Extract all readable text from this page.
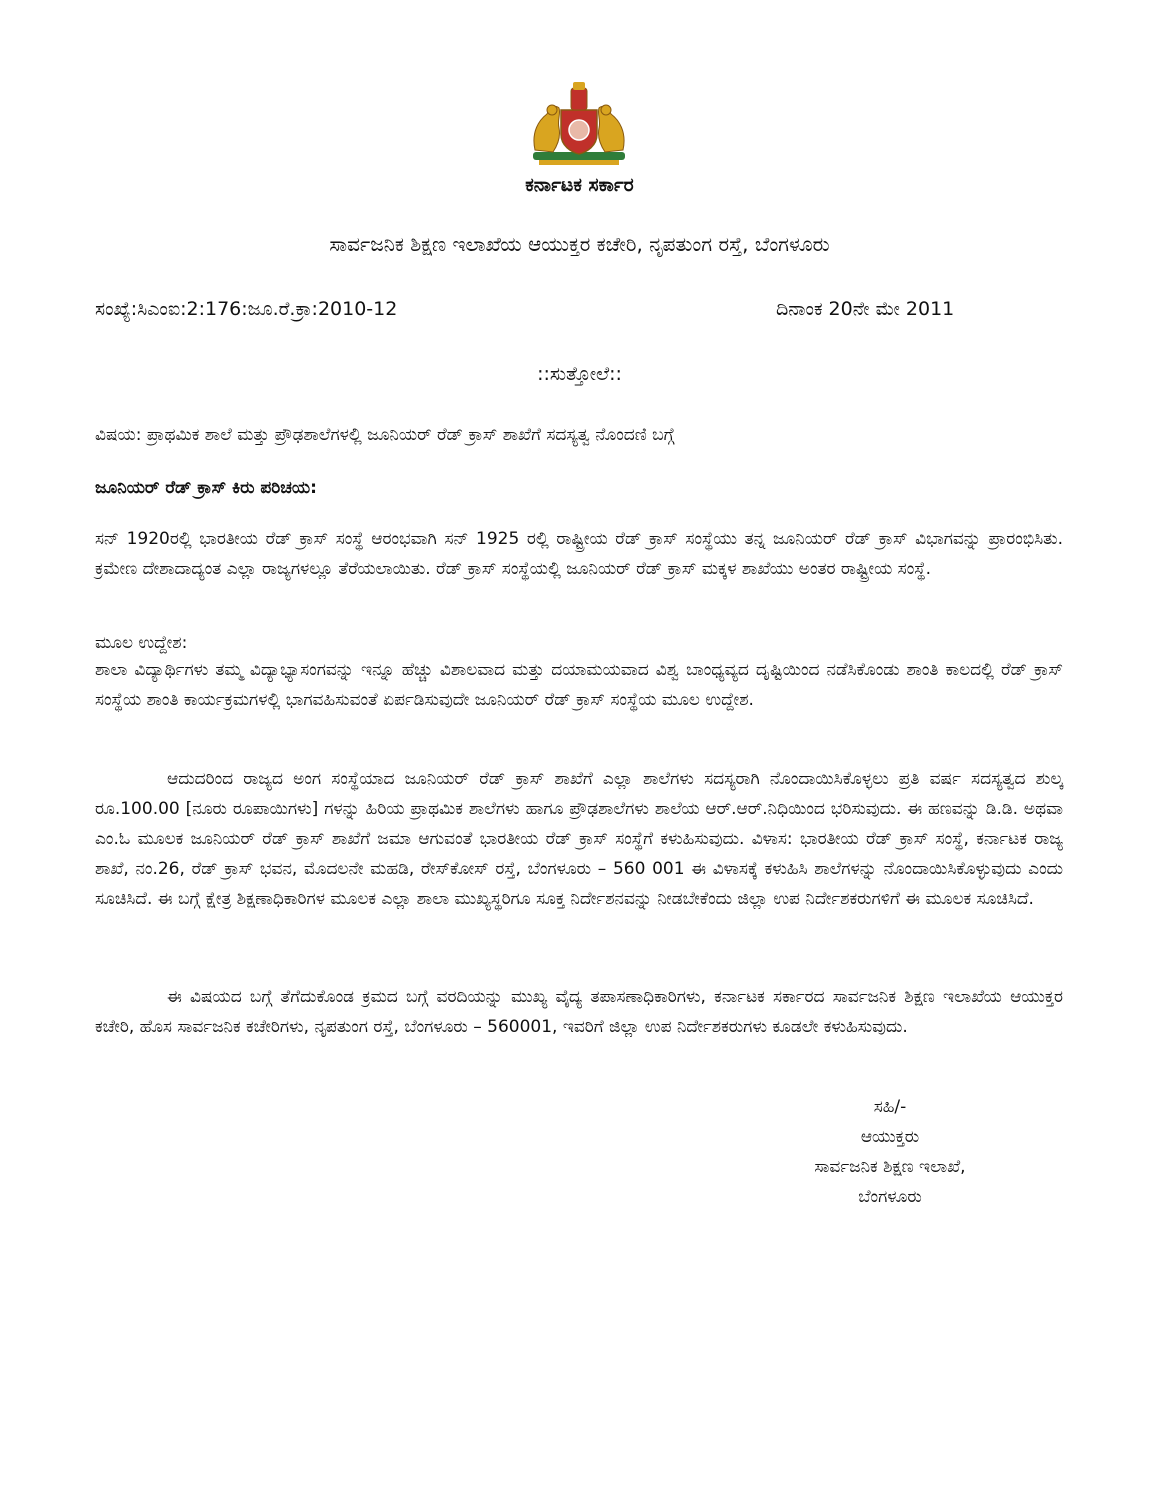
ಕರ್ನಾಟಕ ಸರ್ಕಾರ
ಸಾರ್ವಜನಿಕ ಶಿಕ್ಷಣ ಇಲಾಖೆಯ ಆಯುಕ್ತರ ಕಚೇರಿ, ನೃಪತುಂಗ ರಸ್ತೆ, ಬೆಂಗಳೂರು
ಸಂಖ್ಯೆ:ಸಿಎಂಐ:2:176:ಜೂ.ರೆ.ಕ್ರಾ:2010-12	ದಿನಾಂಕ 20ನೇ ಮೇ 2011
::ಸುತ್ತೋಲೆ::
ವಿಷಯ: ಪ್ರಾಥಮಿಕ ಶಾಲೆ ಮತ್ತು ಪ್ರೌಢಶಾಲೆಗಳಲ್ಲಿ ಜೂನಿಯರ್ ರೆಡ್ ಕ್ರಾಸ್ ಶಾಖೆಗೆ ಸದಸ್ಯತ್ವ ನೊಂದಣಿ ಬಗ್ಗೆ
ಜೂನಿಯರ್ ರೆಡ್ ಕ್ರಾಸ್ ಕಿರು ಪರಿಚಯ:
ಸನ್ 1920ರಲ್ಲಿ ಭಾರತೀಯ ರೆಡ್ ಕ್ರಾಸ್ ಸಂಸ್ಥೆ ಆರಂಭವಾಗಿ ಸನ್ 1925 ರಲ್ಲಿ ರಾಷ್ಟ್ರೀಯ ರೆಡ್ ಕ್ರಾಸ್ ಸಂಸ್ಥೆಯು ತನ್ನ ಜೂನಿಯರ್ ರೆಡ್ ಕ್ರಾಸ್ ವಿಭಾಗವನ್ನು ಪ್ರಾರಂಭಿಸಿತು. ಕ್ರಮೇಣ ದೇಶಾದಾದ್ಯಂತ ಎಲ್ಲಾ ರಾಜ್ಯಗಳಲ್ಲೂ ತೆರೆಯಲಾಯಿತು. ರೆಡ್ ಕ್ರಾಸ್ ಸಂಸ್ಥೆಯಲ್ಲಿ ಜೂನಿಯರ್ ರೆಡ್ ಕ್ರಾಸ್ ಮಕ್ಕಳ ಶಾಖೆಯು ಅಂತರ ರಾಷ್ಟ್ರೀಯ ಸಂಸ್ಥೆ.
ಮೂಲ ಉದ್ದೇಶ:
ಶಾಲಾ ವಿದ್ಯಾರ್ಥಿಗಳು ತಮ್ಮ ವಿದ್ಯಾಭ್ಯಾಸಂಗವನ್ನು ಇನ್ನೂ ಹೆಚ್ಚು ವಿಶಾಲವಾದ ಮತ್ತು ದಯಾಮಯವಾದ ವಿಶ್ವ ಬಾಂಧ್ಯವ್ಯದ ದೃಷ್ಟಿಯಿಂದ ನಡೆಸಿಕೊಂಡು ಶಾಂತಿ ಕಾಲದಲ್ಲಿ ರೆಡ್ ಕ್ರಾಸ್ ಸಂಸ್ಥೆಯ ಶಾಂತಿ ಕಾರ್ಯಕ್ರಮಗಳಲ್ಲಿ ಭಾಗವಹಿಸುವಂತೆ ಏರ್ಪಡಿಸುವುದೇ ಜೂನಿಯರ್ ರೆಡ್ ಕ್ರಾಸ್ ಸಂಸ್ಥೆಯ ಮೂಲ ಉದ್ದೇಶ.
ಆದುದರಿಂದ ರಾಜ್ಯದ ಅಂಗ ಸಂಸ್ಥೆಯಾದ ಜೂನಿಯರ್ ರೆಡ್ ಕ್ರಾಸ್ ಶಾಖೆಗೆ ಎಲ್ಲಾ ಶಾಲೆಗಳು ಸದಸ್ಯರಾಗಿ ನೊಂದಾಯಿಸಿಕೊಳ್ಳಲು ಪ್ರತಿ ವರ್ಷ ಸದಸ್ಯತ್ವದ ಶುಲ್ಕ ರೂ.100.00 [ನೂರು ರೂಪಾಯಿಗಳು] ಗಳನ್ನು ಹಿರಿಯ ಪ್ರಾಥಮಿಕ ಶಾಲೆಗಳು ಹಾಗೂ ಪ್ರೌಢಶಾಲೆಗಳು ಶಾಲೆಯ ಆರ್.ಆರ್.ನಿಧಿಯಿಂದ ಭರಿಸುವುದು. ಈ ಹಣವನ್ನು ಡಿ.ಡಿ. ಅಥವಾ ಎಂ.ಓ ಮೂಲಕ ಜೂನಿಯರ್ ರೆಡ್ ಕ್ರಾಸ್ ಶಾಖೆಗೆ ಜಮಾ ಆಗುವಂತೆ ಭಾರತೀಯ ರೆಡ್ ಕ್ರಾಸ್ ಸಂಸ್ಥೆಗೆ ಕಳುಹಿಸುವುದು. ವಿಳಾಸ: ಭಾರತೀಯ ರೆಡ್ ಕ್ರಾಸ್ ಸಂಸ್ಥೆ, ಕರ್ನಾಟಕ ರಾಜ್ಯ ಶಾಖೆ, ನಂ.26, ರೆಡ್ ಕ್ರಾಸ್ ಭವನ, ಮೊದಲನೇ ಮಹಡಿ, ರೇಸ್‌ಕೋಸ್ ರಸ್ತೆ, ಬೆಂಗಳೂರು – 560 001 ಈ ವಿಳಾಸಕ್ಕೆ ಕಳುಹಿಸಿ ಶಾಲೆಗಳನ್ನು ನೊಂದಾಯಿಸಿಕೊಳ್ಳುವುದು ಎಂದು ಸೂಚಿಸಿದೆ. ಈ ಬಗ್ಗೆ ಕ್ಷೇತ್ರ ಶಿಕ್ಷಣಾಧಿಕಾರಿಗಳ ಮೂಲಕ ಎಲ್ಲಾ ಶಾಲಾ ಮುಖ್ಯಸ್ಥರಿಗೂ ಸೂಕ್ತ ನಿರ್ದೇಶನವನ್ನು ನೀಡಬೇಕೆಂದು ಜಿಲ್ಲಾ ಉಪ ನಿರ್ದೇಶಕರುಗಳಿಗೆ ಈ ಮೂಲಕ ಸೂಚಿಸಿದೆ.
ಈ ವಿಷಯದ ಬಗ್ಗೆ ತೆಗೆದುಕೊಂಡ ಕ್ರಮದ ಬಗ್ಗೆ ವರದಿಯನ್ನು ಮುಖ್ಯ ವೈದ್ಯ ತಪಾಸಣಾಧಿಕಾರಿಗಳು, ಕರ್ನಾಟಕ ಸರ್ಕಾರದ ಸಾರ್ವಜನಿಕ ಶಿಕ್ಷಣ ಇಲಾಖೆಯ ಆಯುಕ್ತರ ಕಚೇರಿ, ಹೊಸ ಸಾರ್ವಜನಿಕ ಕಚೇರಿಗಳು, ನೃಪತುಂಗ ರಸ್ತೆ, ಬೆಂಗಳೂರು – 560001, ಇವರಿಗೆ ಜಿಲ್ಲಾ ಉಪ ನಿರ್ದೇಶಕರುಗಳು ಕೂಡಲೇ ಕಳುಹಿಸುವುದು.
ಸಹಿ/-
ಆಯುಕ್ತರು
ಸಾರ್ವಜನಿಕ ಶಿಕ್ಷಣ ಇಲಾಖೆ,
ಬೆಂಗಳೂರು
